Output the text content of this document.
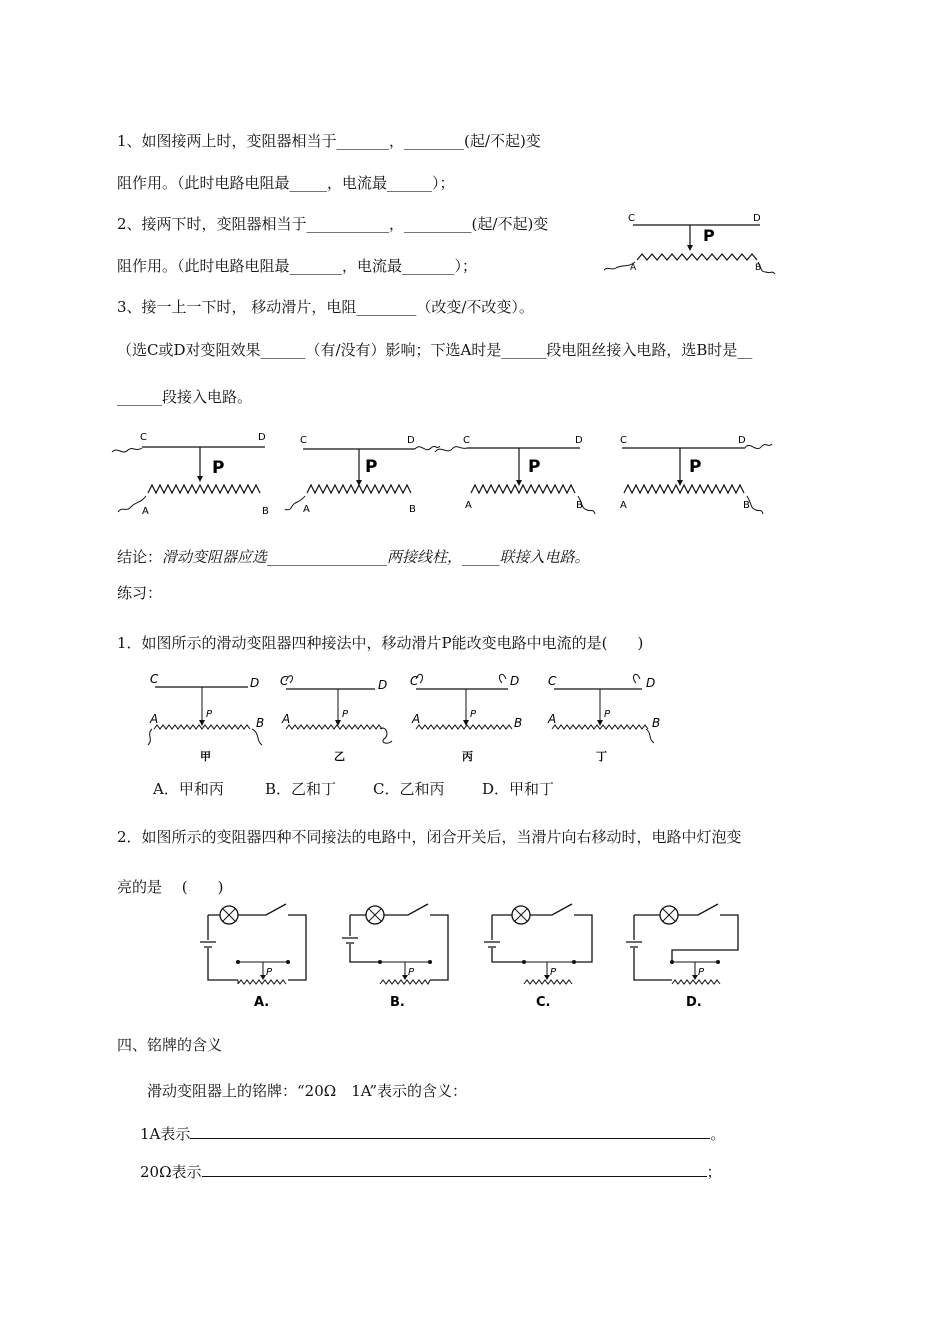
1、如图接两上时，变阻器相当于_______，________(起/不起)变
阻作用。（此时电路电阻最_____，电流最______）；
2、接两下时，变阻器相当于___________，_________(起/不起)变
阻作用。（此时电路电阻最_______，电流最_______）；
3、接一上一下时， 移动滑片，电阻________（改变/不改变）。
（选C或D对变阻效果______（有/没有）影响；下选A时是______段电阻丝接入电路，选B时是__
______段接入电路。
C	D
P
A	B
C	D
P
A	B
C	D
P
A	B
C	D
P
A	B
C	D
P
A	B
结论：滑动变阻器应选________________两接线柱，_____联接入电路。
练习：
1．如图所示的滑动变阻器四种接法中，移动滑片P能改变电路中电流的是(　　)
C	D
P
A	B
甲
C	D
P
A
乙
C	D
P
A	B
丙
C	D
P
A	B
丁
A．甲和丙	B．乙和丁 C．乙和丙	D．甲和丁
2．如图所示的变阻器四种不同接法的电路中，闭合开关后，当滑片向右移动时，电路中灯泡变
亮的是　 (　　)
P
A.
P
B.
P
C.
P
D.
四、铭牌的含义
滑动变阻器上的铭牌：“20Ω　1A”表示的含义：
1A表示	。
20Ω表示	；
